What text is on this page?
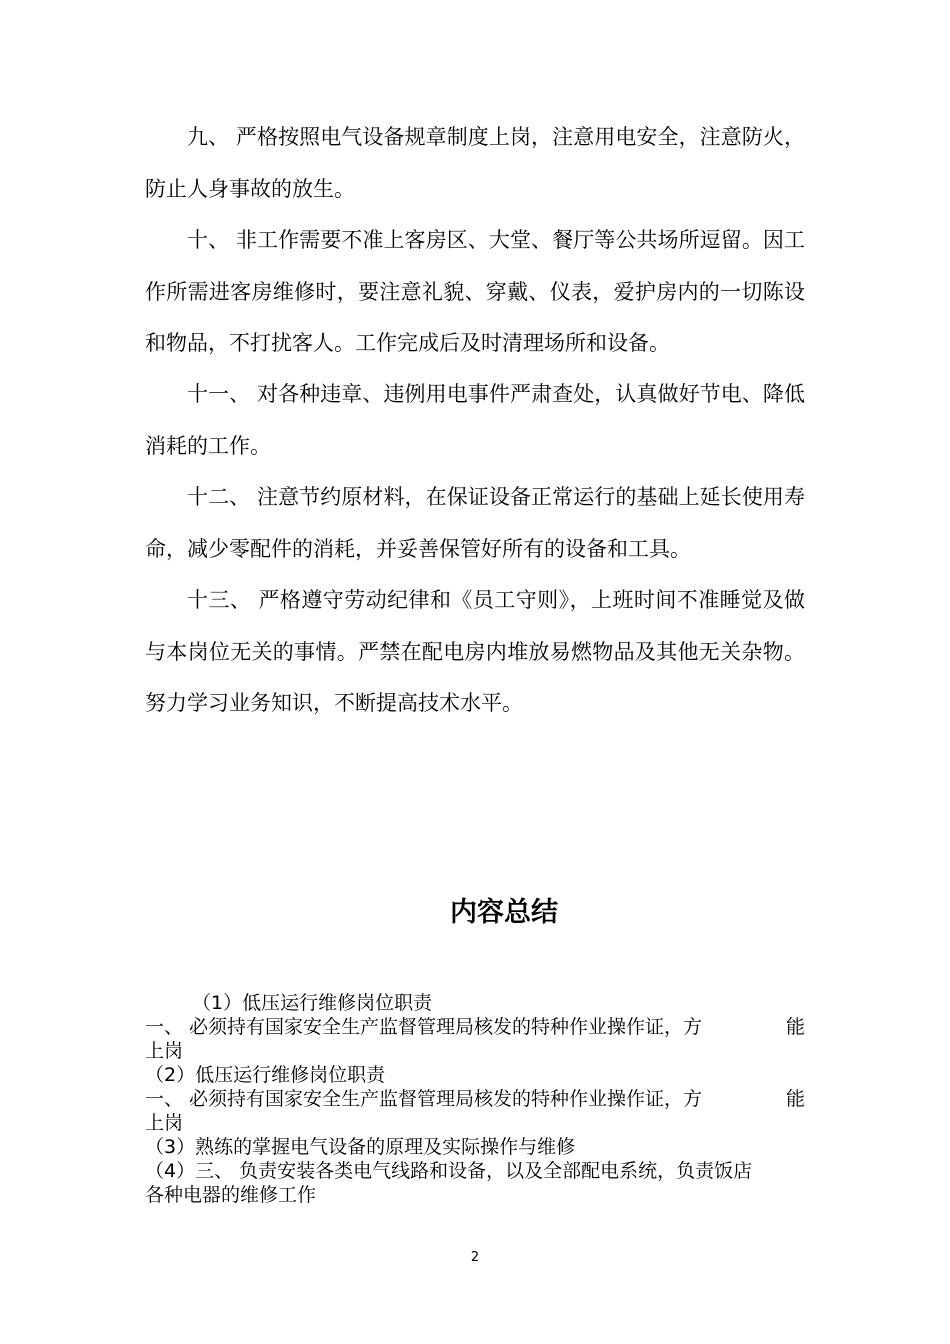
九、 严格按照电气设备规章制度上岗，注意用电安全，注意防火，防止人身事故的放生。

十、 非工作需要不准上客房区、大堂、餐厅等公共场所逗留。因工作所需进客房维修时，要注意礼貌、穿戴、仪表，爱护房内的一切陈设和物品，不打扰客人。工作完成后及时清理场所和设备。

十一、 对各种违章、违例用电事件严肃查处，认真做好节电、降低消耗的工作。

十二、 注意节约原材料，在保证设备正常运行的基础上延长使用寿命，减少零配件的消耗，并妥善保管好所有的设备和工具。

十三、 严格遵守劳动纪律和《员工守则》，上班时间不准睡觉及做与本岗位无关的事情。严禁在配电房内堆放易燃物品及其他无关杂物。努力学习业务知识，不断提高技术水平。

内容总结
（1）低压运行维修岗位职责
一、 必须持有国家安全生产监督管理局核发的特种作业操作证，方	能
上岗
（2）低压运行维修岗位职责
一、 必须持有国家安全生产监督管理局核发的特种作业操作证，方	能
上岗
（3）熟练的掌握电气设备的原理及实际操作与维修
（4）三、 负责安装各类电气线路和设备，以及全部配电系统，负责饭店
各种电器的维修工作
2
